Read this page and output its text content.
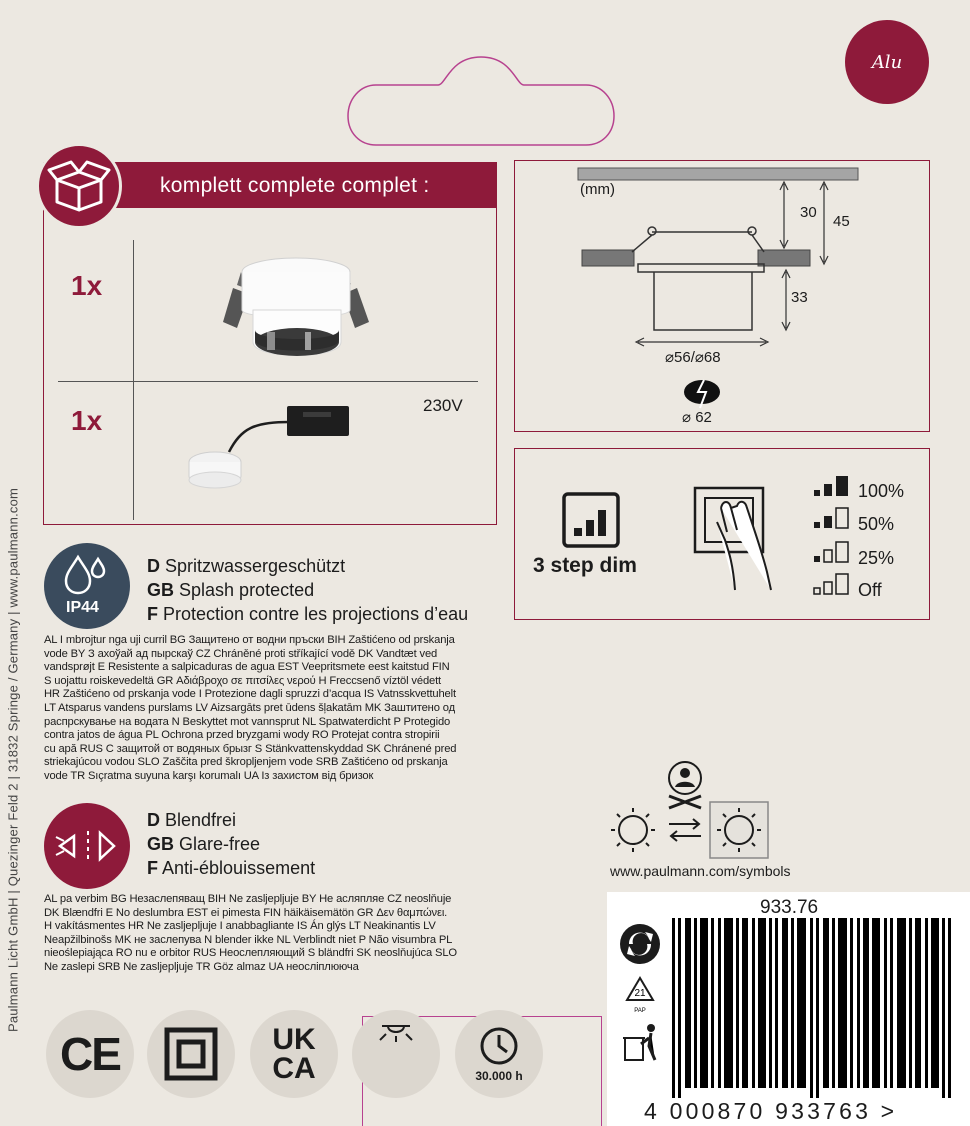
Paulmann Licht GmbH | Quezinger Feld 2 | 31832 Springe / Germany | www.paulmann.com
Alu
komplett complete complet :
1x
1x	230V
(mm)
30
45
33
⌀56/⌀68
⌀ 62
3 step dim
100%
50%
25%
Off
IP44
D Spritzwassergeschützt
GB Splash protected
F Protection contre les projections d’eau
AL I mbrojtur nga uji curril BG Защитено от водни пръски BIH Zaštićeno od prskanja
vode BY З ахоўай ад пырскаў CZ Chráněné proti stříkající vodě DK Vandtæt ved
vandsprøjt E Resistente a salpicaduras de agua EST Veepritsmete eest kaitstud FIN
S uojattu roiskevedeltä GR Αδιάβροχο σε πιτσίλες νερού H Freccsenő víztöl védett
HR Zaštićeno od prskanja vode I Protezione dagli spruzzi d’acqua IS Vatnsskvettuhelt
LT Atsparus vandens purslams LV Aizsargāts pret ūdens šļakatām MK Заштитено од
распрскување на водата N Beskyttet mot vannsprut NL Spatwaterdicht P Protegido
contra jatos de água PL Ochrona przed bryzgami wody RO Protejat contra stropirii
cu apă RUS С защитой от водяных брызг S Stänkvattenskyddad SK Chránené pred
striekajúcou vodou SLO Zaščita pred škropljenjem vode SRB Zaštićeno od prskanja
vode TR Sıçratma suyuna karşı korumalı UA Із захистом від бризок
D Blendfrei
GB Glare-free
F Anti-éblouissement
AL pa verbim BG Незаслепяващ BIH Ne zasljepljuje BY Не асляпляе CZ neoslňuje
DK Blændfri E No deslumbra EST ei pimesta FIN häikäisemätön GR Δεν θαμπώνει.
H vakításmentes HR Ne zasljepljuje I anabbagliante IS Án glýs LT Neakinantis LV
Neapžilbinošs MK не заслепува N blender ikke NL Verblindt niet P Não visumbra PL
nieoślepiająca RO nu e orbitor RUS Неослепляющий S bländfri SK neoslňujúca SLO
Ne zaslepi SRB Ne zasljepljuje TR Göz almaz UA неосліплююча
CE	UKCA	30.000 h
www.paulmann.com/symbols
933.76
21
PAP
4 000870 933763 >
